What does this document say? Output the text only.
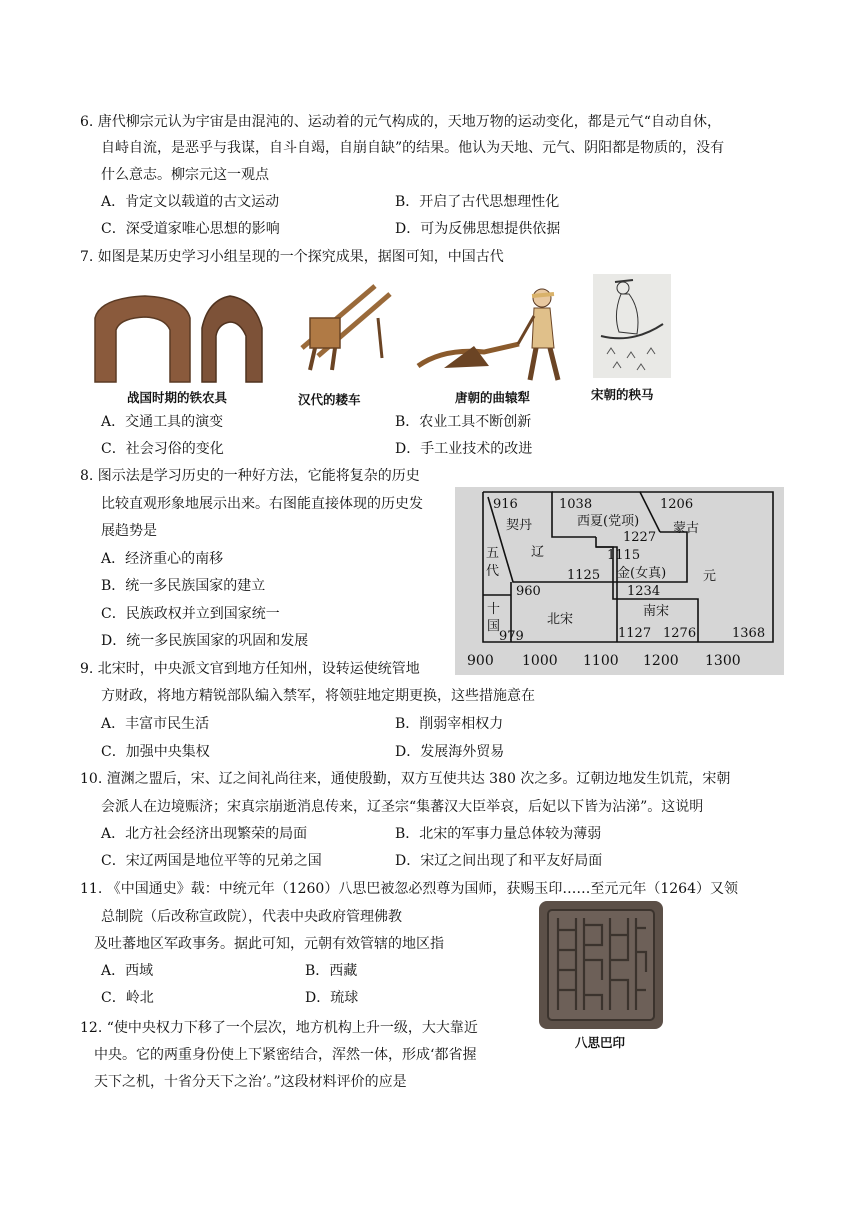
6. 唐代柳宗元认为宇宙是由混沌的、运动着的元气构成的，天地万物的运动变化，都是元气“自动自休，
自峙自流，是恶乎与我谋，自斗自竭，自崩自缺”的结果。他认为天地、元气、阴阳都是物质的，没有
什么意志。柳宗元这一观点
A．肯定文以载道的古文运动	B．开启了古代思想理性化
C．深受道家唯心思想的影响	D．可为反佛思想提供依据
7. 如图是某历史学习小组呈现的一个探究成果，据图可知，中国古代
战国时期的铁农具	汉代的耧车	唐朝的曲辕犁	宋朝的秧马
A．交通工具的演变	B．农业工具不断创新
C．社会习俗的变化	D．手工业技术的改进
8. 图示法是学习历史的一种好方法，它能将复杂的历史
比较直观形象地展示出来。右图能直接体现的历史发
展趋势是
A．经济重心的南移
B．统一多民族国家的建立
C．民族政权并立到国家统一
D．统一多民族国家的巩固和发展
916
契丹
辽
1038
西夏(党项)
1227
1206
蒙古
元
五
代
960
1125
1115
金(女真)
1234
十
国
979
北宋
南宋
1127 1276	1368
900 1000 1100 1200 1300
9. 北宋时，中央派文官到地方任知州，设转运使统管地
方财政，将地方精锐部队编入禁军，将领驻地定期更换，这些措施意在
A．丰富市民生活	B．削弱宰相权力
C．加强中央集权	D．发展海外贸易
10. 澶渊之盟后，宋、辽之间礼尚往来，通使殷勤，双方互使共达 380 次之多。辽朝边地发生饥荒，宋朝
会派人在边境赈济；宋真宗崩逝消息传来，辽圣宗“集蕃汉大臣举哀，后妃以下皆为沾涕”。这说明
A．北方社会经济出现繁荣的局面	B．北宋的军事力量总体较为薄弱
C．宋辽两国是地位平等的兄弟之国	D．宋辽之间出现了和平友好局面
11. 《中国通史》载：中统元年（1260）八思巴被忽必烈尊为国师，获赐玉印……至元元年（1264）又领
总制院（后改称宣政院），代表中央政府管理佛教
及吐蕃地区军政事务。据此可知，元朝有效管辖的地区指
A．西域	B．西藏
C．岭北	D．琉球
八思巴印
12. “使中央权力下移了一个层次，地方机构上升一级，大大靠近
中央。它的两重身份使上下紧密结合，浑然一体，形成‘都省握
天下之机，十省分天下之治’。”这段材料评价的应是
